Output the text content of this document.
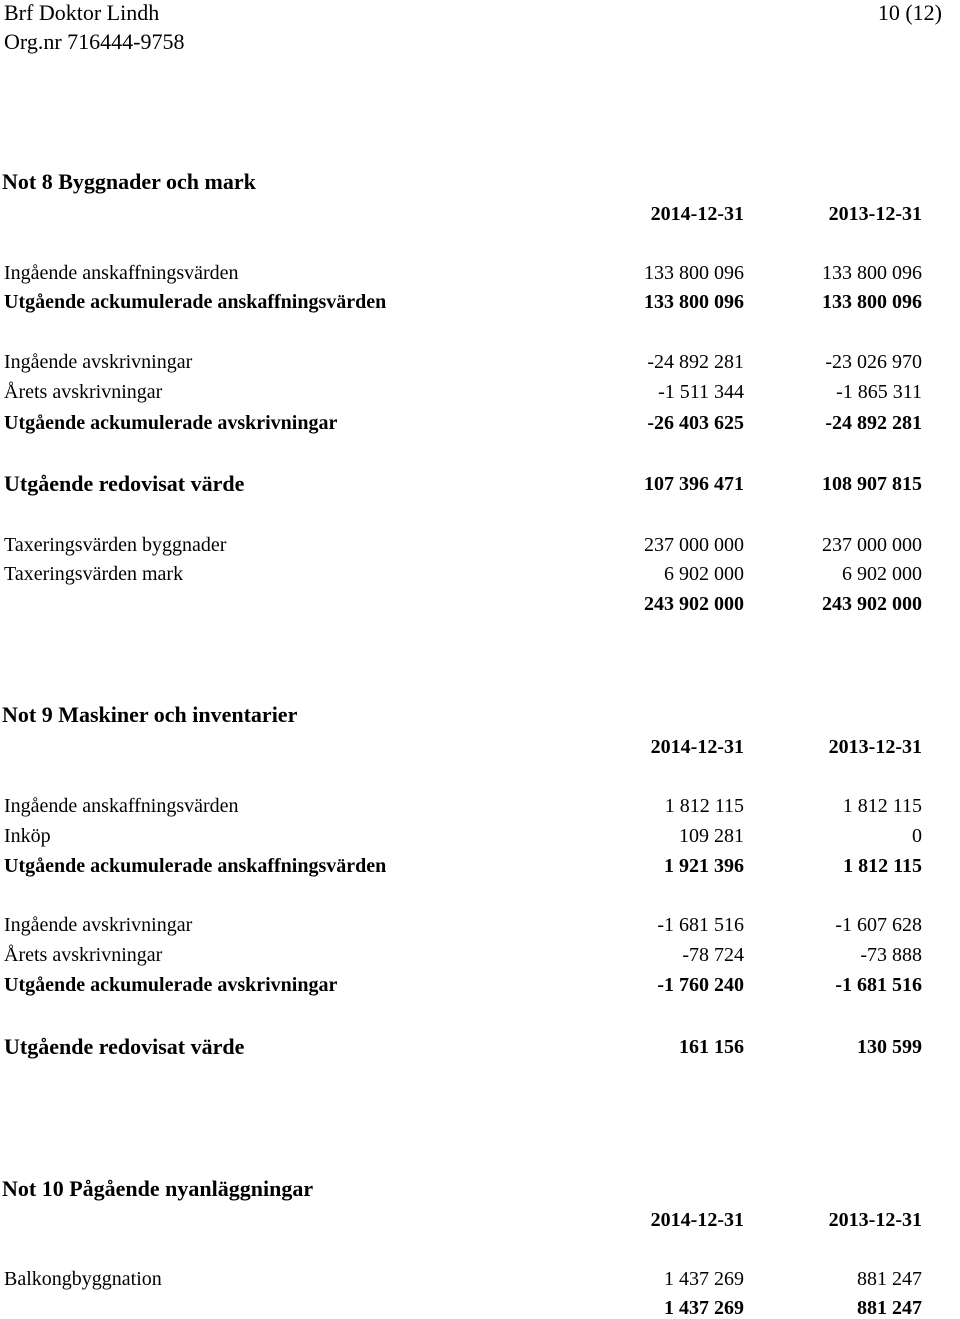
Brf Doktor Lindh
Org.nr 716444-9758
10 (12)
Not 8 Byggnader och mark
2014-12-31	2013-12-31
Ingående anskaffningsvärden	133 800 096	133 800 096
Utgående ackumulerade anskaffningsvärden	133 800 096	133 800 096
Ingående avskrivningar	-24 892 281	-23 026 970
Årets avskrivningar	-1 511 344	-1 865 311
Utgående ackumulerade avskrivningar	-26 403 625	-24 892 281
Utgående redovisat värde	107 396 471	108 907 815
Taxeringsvärden byggnader	237 000 000	237 000 000
Taxeringsvärden mark	6 902 000	6 902 000
243 902 000	243 902 000
Not 9 Maskiner och inventarier
2014-12-31	2013-12-31
Ingående anskaffningsvärden	1 812 115	1 812 115
Inköp	109 281	0
Utgående ackumulerade anskaffningsvärden	1 921 396	1 812 115
Ingående avskrivningar	-1 681 516	-1 607 628
Årets avskrivningar	-78 724	-73 888
Utgående ackumulerade avskrivningar	-1 760 240	-1 681 516
Utgående redovisat värde	161 156	130 599
Not 10 Pågående nyanläggningar
2014-12-31	2013-12-31
Balkongbyggnation	1 437 269	881 247
1 437 269	881 247
